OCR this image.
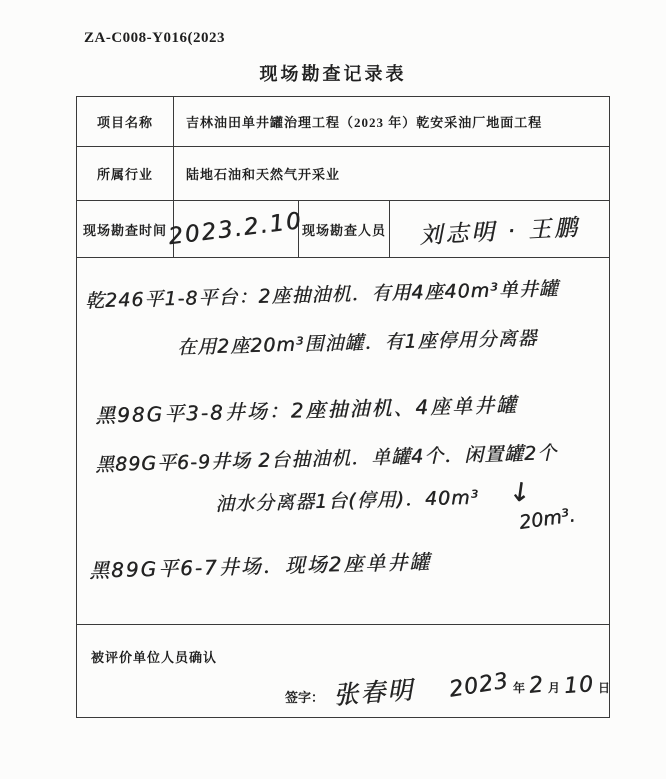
ZA-C008-Y016(2023
现场勘查记录表
项目名称	吉林油田单井罐治理工程（2023 年）乾安采油厂地面工程
所属行业	陆地石油和天然气开采业
现场勘查时间 2023.2.10
现场勘查人员 刘志明 · 王鹏
乾246平1-8平台：2座抽油机．有用4座40m³单井罐
在用2座20m³围油罐．有1座停用分离器
黑98G平3-8井场：2座抽油机、4座单井罐
黑89G平6-9井场 2台抽油机．单罐4个．闲置罐2个
油水分离器1台(停用)．40m³ ↓
20m³.
黑89G平6-7井场．现场2座单井罐
被评价单位人员确认
签字： 张春明 2023 年 2 月 10 日
